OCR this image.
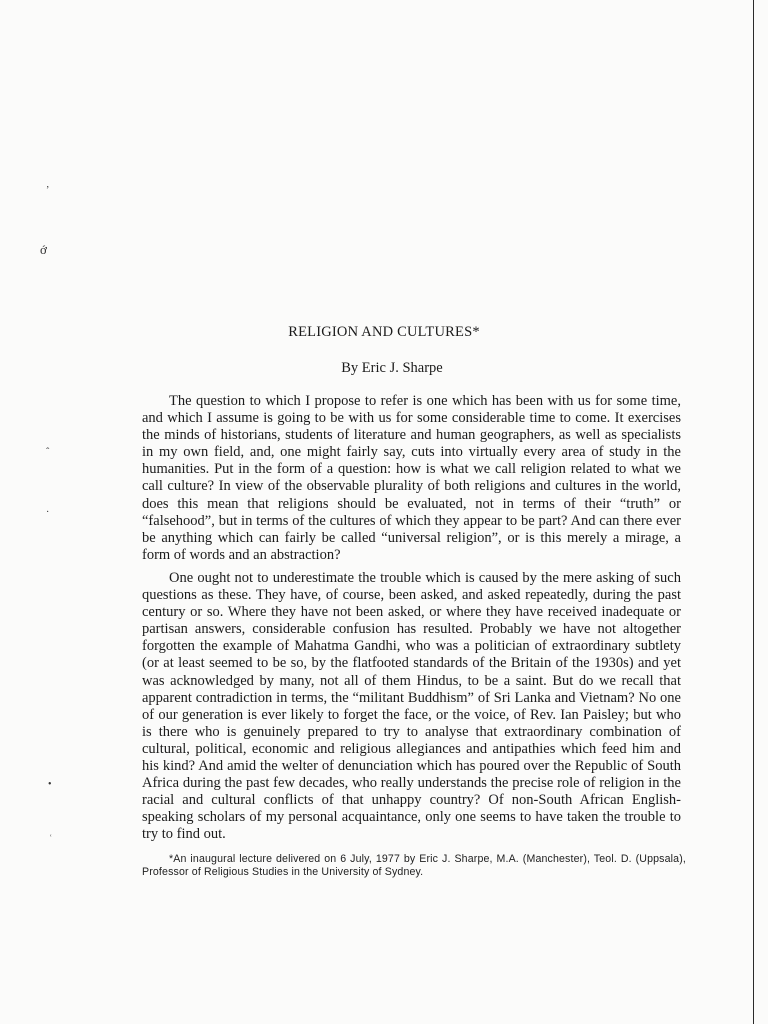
ʼ
ớ
ˆ
·
•
ʿ
RELIGION AND CULTURES*
By Eric J. Sharpe

The question to which I propose to refer is one which has been with us for some time, and which I assume is going to be with us for some considerable time to come. It exercises the minds of historians, students of literature and human geographers, as well as specialists in my own field, and, one might fairly say, cuts into virtually every area of study in the humanities. Put in the form of a question: how is what we call religion related to what we call culture? In view of the observable plurality of both religions and cultures in the world, does this mean that religions should be evaluated, not in terms of their “truth” or “falsehood”, but in terms of the cultures of which they appear to be part? And can there ever be anything which can fairly be called “universal religion”, or is this merely a mirage, a form of words and an abstraction?

One ought not to underestimate the trouble which is caused by the mere asking of such questions as these. They have, of course, been asked, and asked repeatedly, during the past century or so. Where they have not been asked, or where they have received inadequate or partisan answers, considerable confusion has resulted. Probably we have not altogether forgotten the example of Mahatma Gandhi, who was a politician of extraordinary subtlety (or at least seemed to be so, by the flatfooted standards of the Britain of the 1930s) and yet was acknowledged by many, not all of them Hindus, to be a saint. But do we recall that apparent contradiction in terms, the “militant Buddhism” of Sri Lanka and Vietnam? No one of our generation is ever likely to forget the face, or the voice, of Rev. Ian Paisley; but who is there who is genuinely prepared to try to analyse that extraordinary combination of cultural, political, economic and religious allegiances and antipathies which feed him and his kind? And amid the welter of denunciation which has poured over the Republic of South Africa during the past few decades, who really understands the precise role of religion in the racial and cultural conflicts of that unhappy country? Of non-South African English-speaking scholars of my personal acquaintance, only one seems to have taken the trouble to try to find out.

*An inaugural lecture delivered on 6 July, 1977 by Eric J. Sharpe, M.A. (Manchester), Teol. D. (Uppsala), Professor of Religious Studies in the University of Sydney.
